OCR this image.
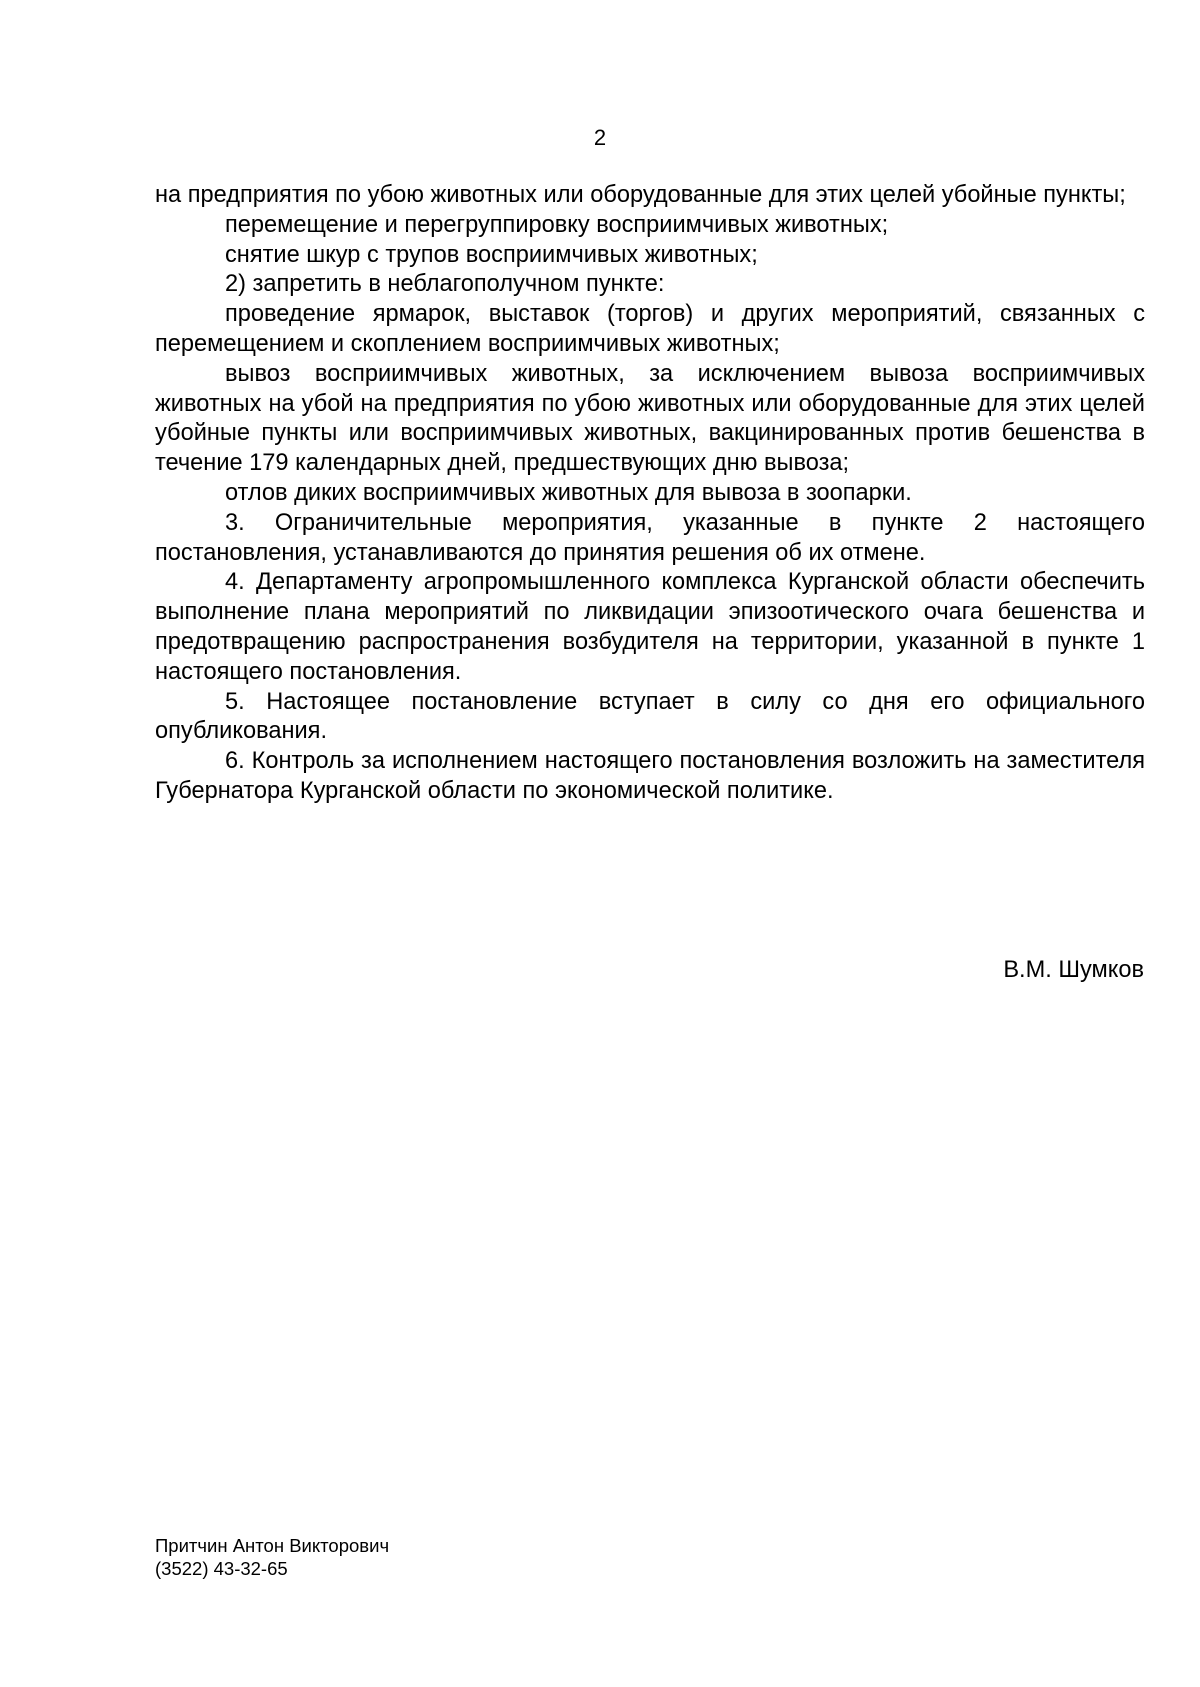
2

на предприятия по убою животных или оборудованные для этих целей убойные пункты;

перемещение и перегруппировку восприимчивых животных;

снятие шкур с трупов восприимчивых животных;

2) запретить в неблагополучном пункте:

проведение ярмарок, выставок (торгов) и других мероприятий, связанных с перемещением и скоплением восприимчивых животных;

вывоз восприимчивых животных, за исключением вывоза восприимчивых животных на убой на предприятия по убою животных или оборудованные для этих целей убойные пункты или восприимчивых животных, вакцинированных против бешенства в течение 179 календарных дней, предшествующих дню вывоза;

отлов диких восприимчивых животных для вывоза в зоопарки.

3. Ограничительные мероприятия, указанные в пункте 2 настоящего постановления, устанавливаются до принятия решения об их отмене.

4. Департаменту агропромышленного комплекса Курганской области обеспечить выполнение плана мероприятий по ликвидации эпизоотического очага бешенства и предотвращению распространения возбудителя на территории, указанной в пункте 1 настоящего постановления.

5. Настоящее постановление вступает в силу со дня его официального опубликования.

6. Контроль за исполнением настоящего постановления возложить на заместителя Губернатора Курганской области по экономической политике.

В.М. Шумков
Притчин Антон Викторович
(3522) 43-32-65
